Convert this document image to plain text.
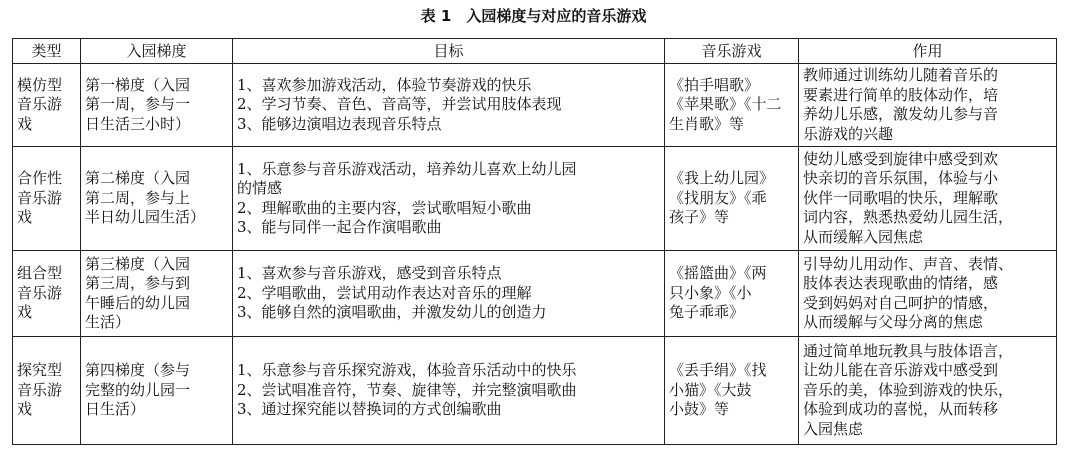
表 1　入园梯度与对应的音乐游戏
类型	入园梯度	目标	音乐游戏	作用

模仿型
音乐游
戏	第一梯度（入园
第一周，参与一
日生活三小时）	1、喜欢参加游戏活动，体验节奏游戏的快乐
2、学习节奏、音色、音高等，并尝试用肢体表现
3、能够边演唱边表现音乐特点	《拍手唱歌》
《苹果歌》《十二
生肖歌》等	教师通过训练幼儿随着音乐的
要素进行简单的肢体动作，培
养幼儿乐感，激发幼儿参与音
乐游戏的兴趣

合作性
音乐游
戏	第二梯度（入园
第二周，参与上
半日幼儿园生活）	1、乐意参与音乐游戏活动，培养幼儿喜欢上幼儿园
的情感
2、理解歌曲的主要内容，尝试歌唱短小歌曲
3、能与同伴一起合作演唱歌曲	《我上幼儿园》
《找朋友》《乖
孩子》等	使幼儿感受到旋律中感受到欢
快亲切的音乐氛围，体验与小
伙伴一同歌唱的快乐，理解歌
词内容，熟悉热爱幼儿园生活，
从而缓解入园焦虑

组合型
音乐游
戏	第三梯度（入园
第三周，参与到
午睡后的幼儿园
生活）	1、喜欢参与音乐游戏，感受到音乐特点
2、学唱歌曲，尝试用动作表达对音乐的理解
3、能够自然的演唱歌曲，并激发幼儿的创造力	《摇篮曲》《两
只小象》《小
兔子乖乖》	引导幼儿用动作、声音、表情、
肢体表达表现歌曲的情绪，感
受到妈妈对自己呵护的情感，
从而缓解与父母分离的焦虑

探究型
音乐游
戏	第四梯度（参与
完整的幼儿园一
日生活）	1、乐意参与音乐探究游戏，体验音乐活动中的快乐
2、尝试唱准音符，节奏、旋律等，并完整演唱歌曲
3、通过探究能以替换词的方式创编歌曲	《丢手绢》《找
小猫》《大鼓
小鼓》等	通过简单地玩教具与肢体语言，
让幼儿能在音乐游戏中感受到
音乐的美，体验到游戏的快乐，
体验到成功的喜悦，从而转移
入园焦虑
